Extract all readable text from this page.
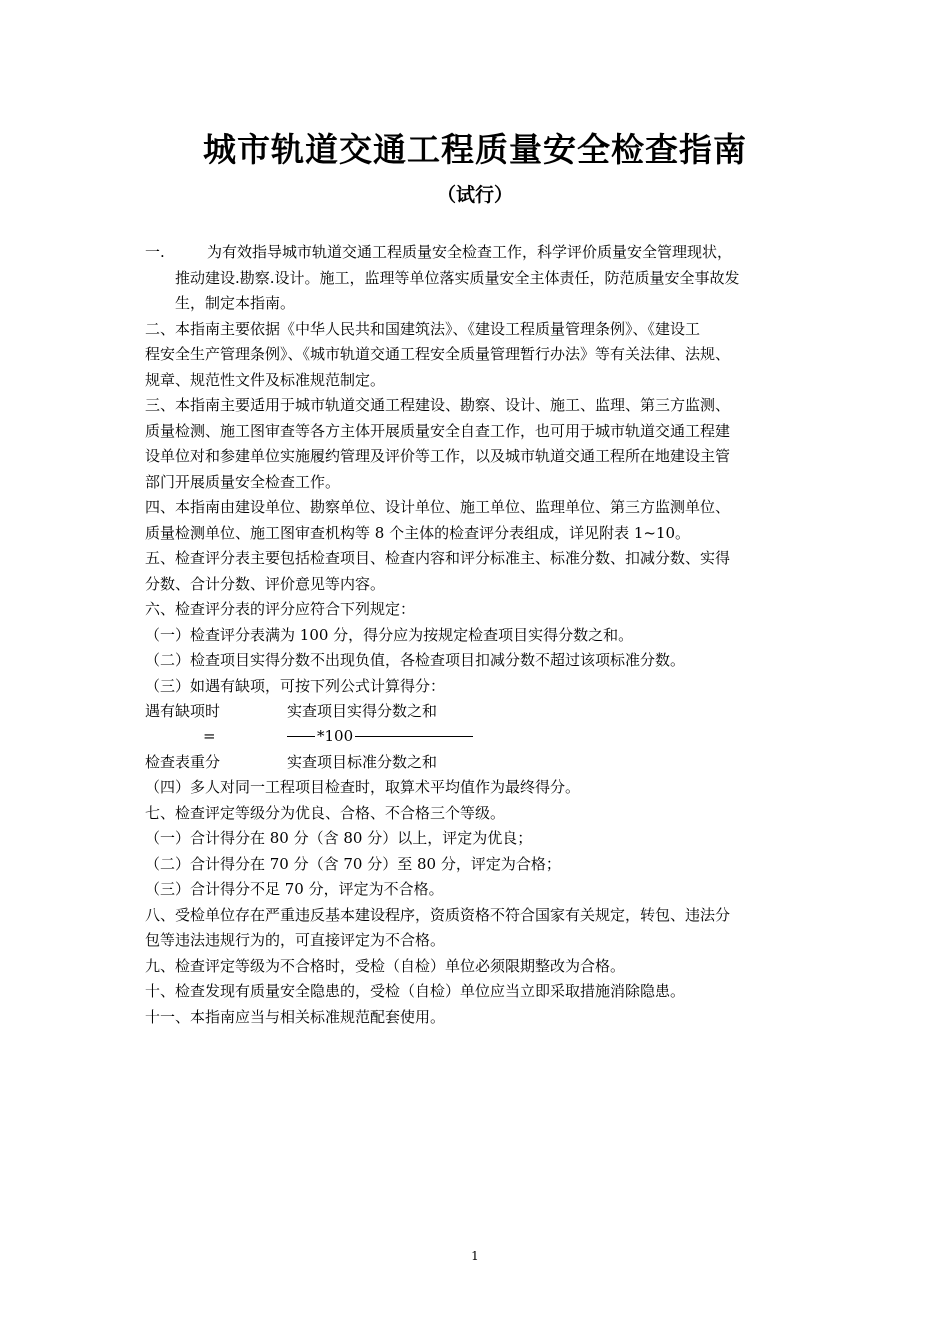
城市轨道交通工程质量安全检查指南
（试行）
一.	为有效指导城市轨道交通工程质量安全检查工作，科学评价质量安全管理现状，
推动建设.勘察.设计。施工，监理等单位落实质量安全主体责任，防范质量安全事故发
生，制定本指南。
二、本指南主要依据《中华人民共和国建筑法》、《建设工程质量管理条例》、《建设工
程安全生产管理条例》、《城市轨道交通工程安全质量管理暂行办法》等有关法律、法规、
规章、规范性文件及标准规范制定。
三、本指南主要适用于城市轨道交通工程建设、勘察、设计、施工、监理、第三方监测、
质量检测、施工图审查等各方主体开展质量安全自查工作，也可用于城市轨道交通工程建
设单位对和参建单位实施履约管理及评价等工作，以及城市轨道交通工程所在地建设主管
部门开展质量安全检查工作。
四、本指南由建设单位、勘察单位、设计单位、施工单位、监理单位、第三方监测单位、
质量检测单位、施工图审查机构等 8 个主体的检查评分表组成，详见附表 1~10。
五、检查评分表主要包括检查项目、检查内容和评分标准主、标准分数、扣减分数、实得
分数、合计分数、评价意见等内容。
六、检查评分表的评分应符合下列规定：
（一）检查评分表满为 100 分，得分应为按规定检查项目实得分数之和。
（二）检查项目实得分数不出现负值，各检查项目扣减分数不超过该项标准分数。
（三）如遇有缺项，可按下列公式计算得分：
遇有缺项时	实查项目实得分数之和
=	*100
检查表重分	实查项目标准分数之和
（四）多人对同一工程项目检查时，取算术平均值作为最终得分。
七、检查评定等级分为优良、合格、不合格三个等级。
（一）合计得分在 80 分（含 80 分）以上，评定为优良；
（二）合计得分在 70 分（含 70 分）至 80 分，评定为合格；
（三）合计得分不足 70 分，评定为不合格。
八、受检单位存在严重违反基本建设程序，资质资格不符合国家有关规定，转包、违法分
包等违法违规行为的，可直接评定为不合格。
九、检查评定等级为不合格时，受检（自检）单位必须限期整改为合格。
十、检查发现有质量安全隐患的，受检（自检）单位应当立即采取措施消除隐患。
十一、本指南应当与相关标准规范配套使用。
1
